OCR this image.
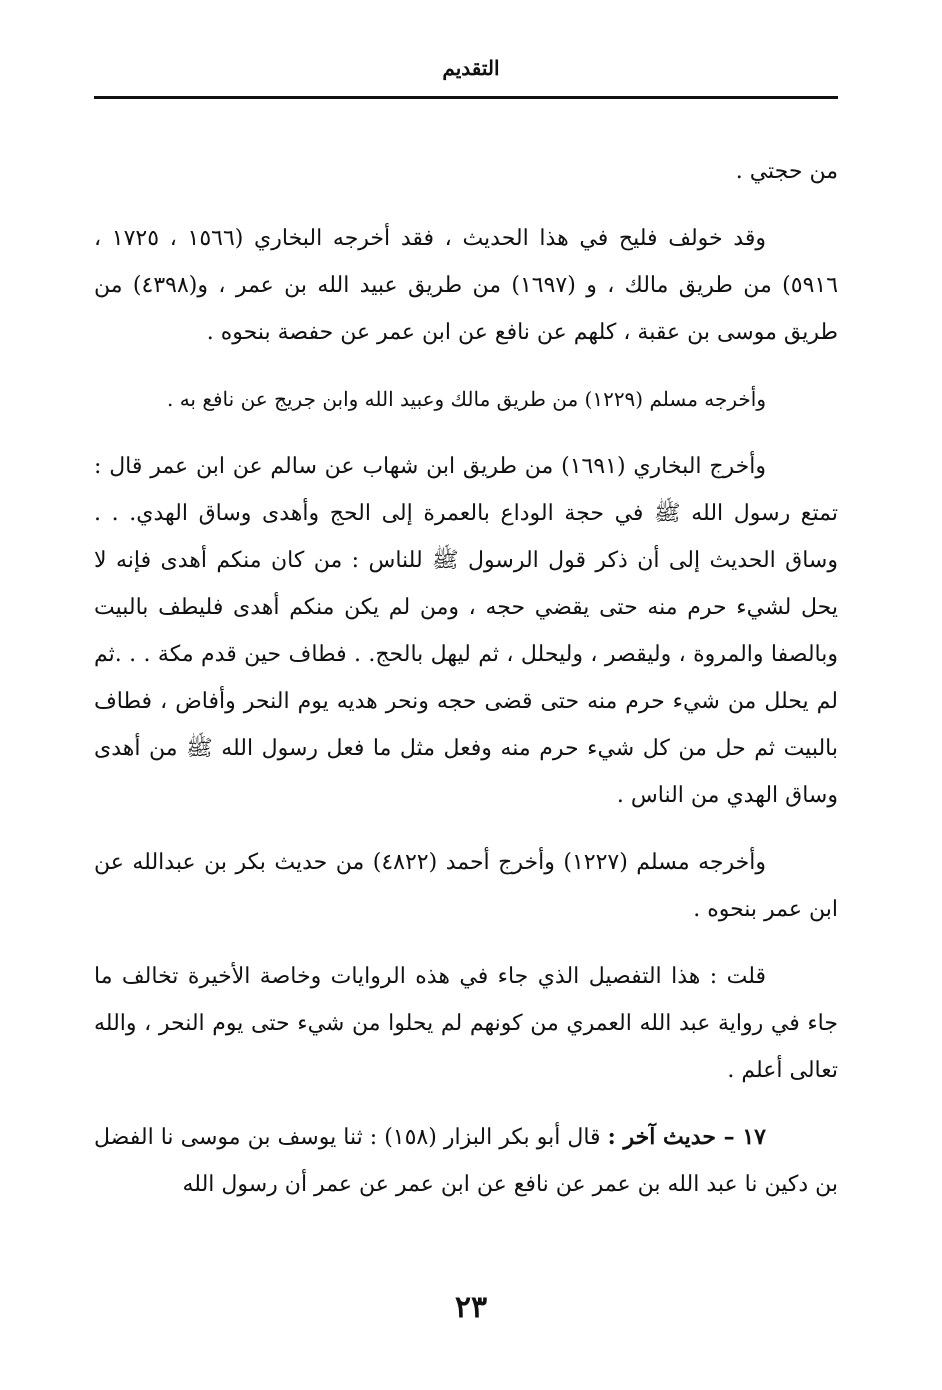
التقديم

من حجتي .

وقد خولف فليح في هذا الحديث ، فقد أخرجه البخاري (١٥٦٦ ، ١٧٢٥ ، ٥٩١٦) من طريق مالك ، و (١٦٩٧) من طريق عبيد الله بن عمر ، و(٤٣٩٨) من طريق موسى بن عقبة ، كلهم عن نافع عن ابن عمر عن حفصة بنحوه .

وأخرجه مسلم (١٢٢٩) من طريق مالك وعبيد الله وابن جريج عن نافع به .

وأخرج البخاري (١٦٩١) من طريق ابن شهاب عن سالم عن ابن عمر قال : تمتع رسول الله ﷺ في حجة الوداع بالعمرة إلى الحج وأهدى وساق الهدي. . . وساق الحديث إلى أن ذكر قول الرسول ﷺ للناس : من كان منكم أهدى فإنه لا يحل لشيء حرم منه حتى يقضي حجه ، ومن لم يكن منكم أهدى فليطف بالبيت وبالصفا والمروة ، وليقصر ، وليحلل ، ثم ليهل بالحج. . فطاف حين قدم مكة . . .ثم لم يحلل من شيء حرم منه حتى قضى حجه ونحر هديه يوم النحر وأفاض ، فطاف بالبيت ثم حل من كل شيء حرم منه وفعل مثل ما فعل رسول الله ﷺ من أهدى وساق الهدي من الناس .

وأخرجه مسلم (١٢٢٧) وأخرج أحمد (٤٨٢٢) من حديث بكر بن عبدالله عن ابن عمر بنحوه .

قلت : هذا التفصيل الذي جاء في هذه الروايات وخاصة الأخيرة تخالف ما جاء في رواية عبد الله العمري من كونهم لم يحلوا من شيء حتى يوم النحر ، والله تعالى أعلم .

١٧ – حديث آخر : قال أبو بكر البزار (١٥٨) : ثنا يوسف بن موسى نا الفضل بن دكين نا عبد الله بن عمر عن نافع عن ابن عمر عن عمر أن رسول الله

٢٣
